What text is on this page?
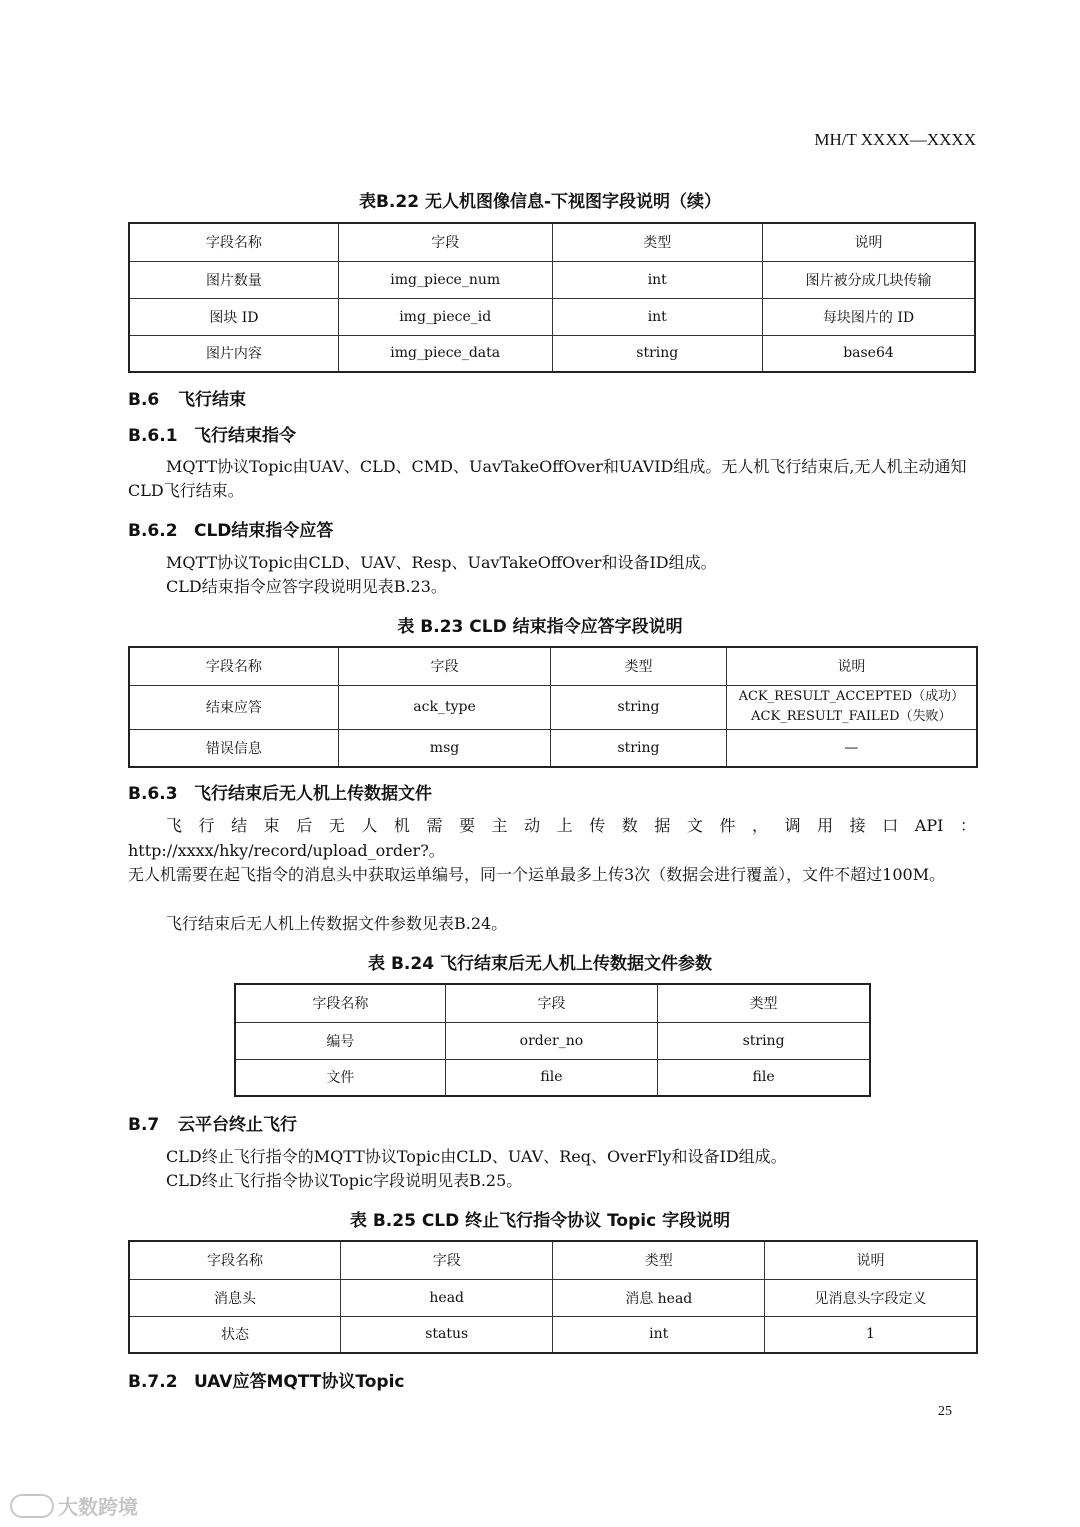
MH/T XXXX—XXXX
表B.22 无人机图像信息-下视图字段说明（续）
字段名称	字段	类型	说明
图片数量	img_piece_num	int	图片被分成几块传输
图块 ID	img_piece_id	int	每块图片的 ID
图片内容	img_piece_data	string	base64
B.6 飞行结束
B.6.1 飞行结束指令
MQTT协议Topic由UAV、CLD、CMD、UavTakeOffOver和UAVID组成。无人机飞行结束后,无人机主动通知CLD飞行结束。
B.6.2 CLD结束指令应答
MQTT协议Topic由CLD、UAV、Resp、UavTakeOffOver和设备ID组成。
CLD结束指令应答字段说明见表B.23。
表 B.23 CLD 结束指令应答字段说明
字段名称	字段	类型	说明
结束应答	ack_type	string	ACK_RESULT_ACCEPTED（成功）
ACK_RESULT_FAILED（失败）

错误信息	msg	string	—
B.6.3 飞行结束后无人机上传数据文件
飞行结束后无人机需要主动上传数据文件，调用接口API：
http://xxxx/hky/record/upload_order?。
无人机需要在起飞指令的消息头中获取运单编号，同一个运单最多上传3次（数据会进行覆盖），文件不超过100M。
飞行结束后无人机上传数据文件参数见表B.24。
表 B.24 飞行结束后无人机上传数据文件参数
字段名称	字段	类型
编号	order_no	string
文件	file	file
B.7 云平台终止飞行
CLD终止飞行指令的MQTT协议Topic由CLD、UAV、Req、OverFly和设备ID组成。
CLD终止飞行指令协议Topic字段说明见表B.25。
表 B.25 CLD 终止飞行指令协议 Topic 字段说明
字段名称	字段	类型	说明
消息头	head	消息 head	见消息头字段定义
状态	status	int	1
B.7.2 UAV应答MQTT协议Topic
25
大数跨境
